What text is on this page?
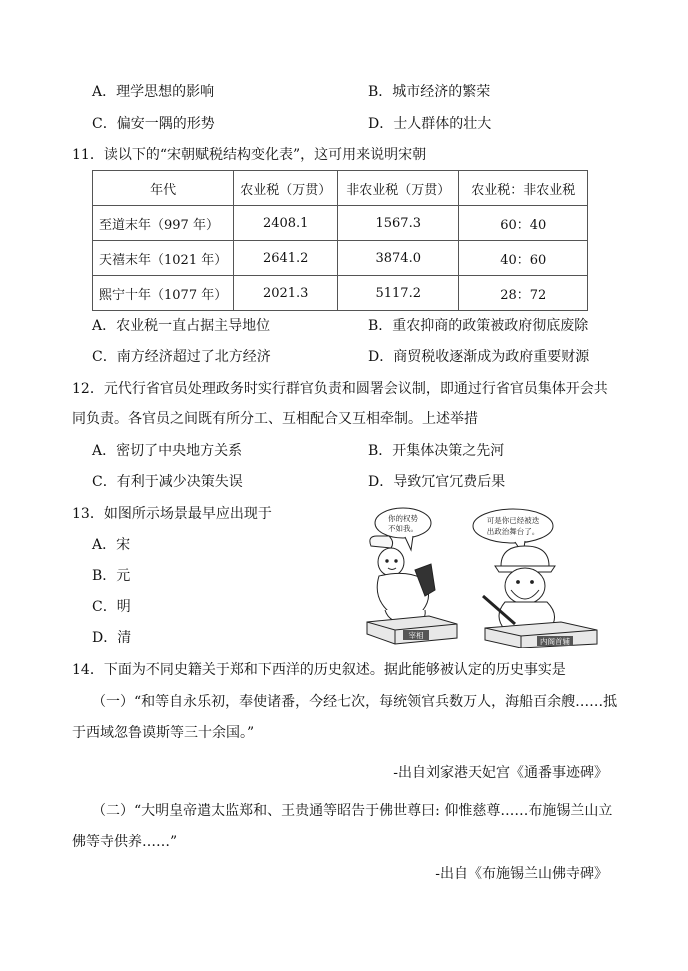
A．理学思想的影响	B．城市经济的繁荣
C．偏安一隅的形势	D．士人群体的壮大
11．读以下的“宋朝赋税结构变化表”，这可用来说明宋朝
年代	农业税（万贯）	非农业税（万贯）	农业税：非农业税
至道末年（997 年）	2408.1	1567.3	60：40
天禧末年（1021 年）	2641.2	3874.0	40：60
熙宁十年（1077 年）	2021.3	5117.2	28：72
A．农业税一直占据主导地位	B．重农抑商的政策被政府彻底废除
C．南方经济超过了北方经济	D．商贸税收逐渐成为政府重要财源
12．元代行省官员处理政务时实行群官负责和圆署会议制，即通过行省官员集体开会共
同负责。各官员之间既有所分工、互相配合又互相牵制。上述举措
A．密切了中央地方关系	B．开集体决策之先河
C．有利于减少决策失误	D．导致冗官冗费后果
13．如图所示场景最早应出现于
A．宋
B．元
C．明
D．清
你的权势
不如我。
可是你已经被迭
出政治舞台了。
宰相
内阁首辅
14．下面为不同史籍关于郑和下西洋的历史叙述。据此能够被认定的历史事实是
（一）“和等自永乐初，奉使诸番，今经七次，每统领官兵数万人，海船百余艘……抵
于西域忽鲁谟斯等三十余国。”
-出自刘家港天妃宫《通番事迹碑》
（二）“大明皇帝遣太监郑和、王贵通等昭告于佛世尊曰: 仰惟慈尊……布施锡兰山立
佛等寺供养……”
-出自《布施锡兰山佛寺碑》
